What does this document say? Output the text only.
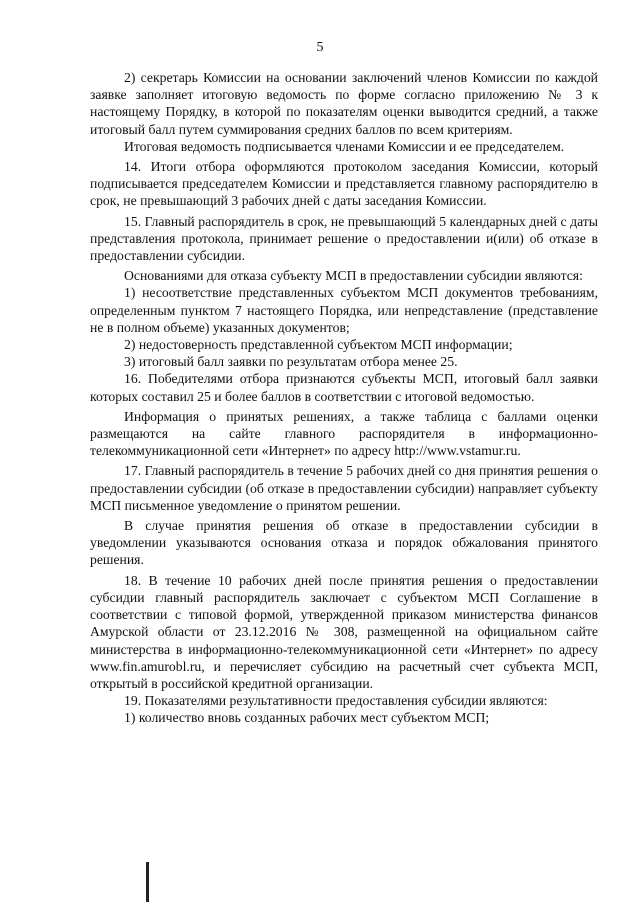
5

2) секретарь Комиссии на основании заключений членов Комиссии по каждой заявке заполняет итоговую ведомость по форме согласно приложению № 3 к настоящему Порядку, в которой по показателям оценки выводится средний, а также итоговый балл путем суммирования средних баллов по всем критериям.

Итоговая ведомость подписывается членами Комиссии и ее председателем.

14. Итоги отбора оформляются протоколом заседания Комиссии, который подписывается председателем Комиссии и представляется главному распорядителю в срок, не превышающий 3 рабочих дней с даты заседания Комиссии.

15. Главный распорядитель в срок, не превышающий 5 календарных дней с даты представления протокола, принимает решение о предоставлении и(или) об отказе в предоставлении субсидии.

Основаниями для отказа субъекту МСП в предоставлении субсидии являются:

1) несоответствие представленных субъектом МСП документов требованиям, определенным пунктом 7 настоящего Порядка, или непредставление (представление не в полном объеме) указанных документов;

2) недостоверность представленной субъектом МСП информации;

3) итоговый балл заявки по результатам отбора менее 25.

16. Победителями отбора признаются субъекты МСП, итоговый балл заявки которых составил 25 и более баллов в соответствии с итоговой ведомостью.

Информация о принятых решениях, а также таблица с баллами оценки размещаются на сайте главного распорядителя в информационно-телекоммуникационной сети «Интернет» по адресу http://www.vstamur.ru.

17. Главный распорядитель в течение 5 рабочих дней со дня принятия решения о предоставлении субсидии (об отказе в предоставлении субсидии) направляет субъекту МСП письменное уведомление о принятом решении.

В случае принятия решения об отказе в предоставлении субсидии в уведомлении указываются основания отказа и порядок обжалования принятого решения.

18. В течение 10 рабочих дней после принятия решения о предоставлении субсидии главный распорядитель заключает с субъектом МСП Соглашение в соответствии с типовой формой, утвержденной приказом министерства финансов Амурской области от 23.12.2016 № 308, размещенной на официальном сайте министерства в информационно-телекоммуникационной сети «Интернет» по адресу www.fin.amurobl.ru, и перечисляет субсидию на расчетный счет субъекта МСП, открытый в российской кредитной организации.

19. Показателями результативности предоставления субсидии являются:

1) количество вновь созданных рабочих мест субъектом МСП;
